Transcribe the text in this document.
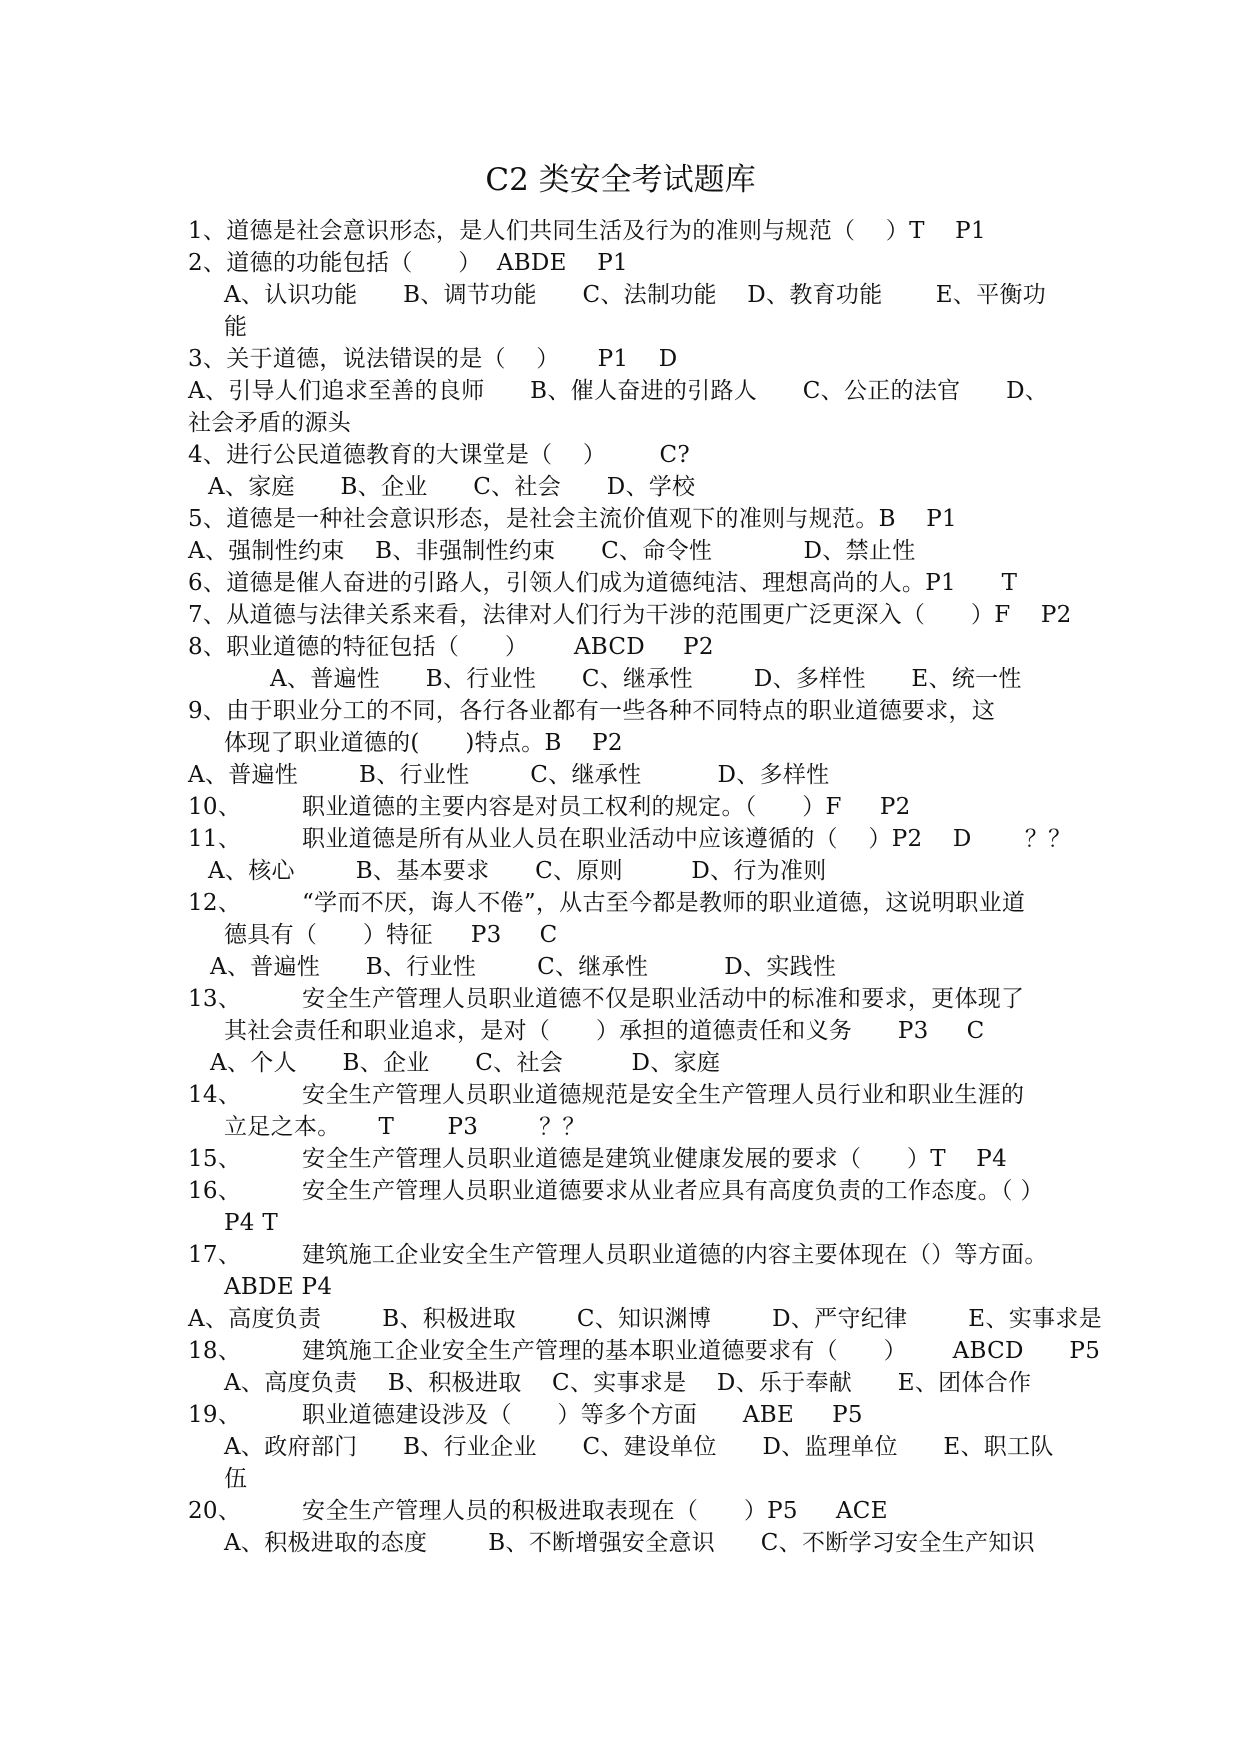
C2 类安全考试题库
1、道德是社会意识形态，是人们共同生活及行为的准则与规范（    ）T    P1
2、道德的功能包括（      ）  ABDE    P1
A、认识功能      B、调节功能      C、法制功能    D、教育功能       E、平衡功
能
3、关于道德，说法错误的是（    ）     P1    D
A、引导人们追求至善的良师      B、催人奋进的引路人      C、公正的法官      D、
社会矛盾的源头
4、进行公民道德教育的大课堂是（    ）       C?
A、家庭      B、企业      C、社会      D、学校
5、道德是一种社会意识形态，是社会主流价值观下的准则与规范。B    P1
A、强制性约束    B、非强制性约束      C、命令性            D、禁止性
6、道德是催人奋进的引路人，引领人们成为道德纯洁、理想高尚的人。P1      T
7、从道德与法律关系来看，法律对人们行为干涉的范围更广泛更深入（      ）F    P2
8、职业道德的特征包括（      ）      ABCD     P2
A、普遍性      B、行业性      C、继承性        D、多样性      E、统一性
9、由于职业分工的不同，各行各业都有一些各种不同特点的职业道德要求，这
体现了职业道德的(      )特点。B    P2
A、普遍性        B、行业性        C、继承性          D、多样性
10、        职业道德的主要内容是对员工权利的规定。（      ）F     P2
11、        职业道德是所有从业人员在职业活动中应该遵循的（    ）P2    D       ？？
A、核心        B、基本要求      C、原则         D、行为准则
12、        “学而不厌，诲人不倦”，从古至今都是教师的职业道德，这说明职业道
德具有（      ）特征     P3     C
A、普遍性      B、行业性        C、继承性          D、实践性
13、        安全生产管理人员职业道德不仅是职业活动中的标准和要求，更体现了
其社会责任和职业追求，是对（      ）承担的道德责任和义务      P3     C
A、个人      B、企业      C、社会         D、家庭
14、        安全生产管理人员职业道德规范是安全生产管理人员行业和职业生涯的
立足之本。     T       P3        ？？
15、        安全生产管理人员职业道德是建筑业健康发展的要求（      ）T    P4
16、        安全生产管理人员职业道德要求从业者应具有高度负责的工作态度。（ ）
P4 T
17、        建筑施工企业安全生产管理人员职业道德的内容主要体现在（）等方面。
ABDE P4
A、高度负责        B、积极进取        C、知识渊博        D、严守纪律        E、实事求是
18、        建筑施工企业安全生产管理的基本职业道德要求有（      ）      ABCD      P5
A、高度负责    B、积极进取    C、实事求是    D、乐于奉献      E、团体合作
19、        职业道德建设涉及（      ）等多个方面      ABE     P5
A、政府部门      B、行业企业      C、建设单位      D、监理单位      E、职工队
伍
20、        安全生产管理人员的积极进取表现在（      ）P5     ACE
A、积极进取的态度        B、不断增强安全意识      C、不断学习安全生产知识
